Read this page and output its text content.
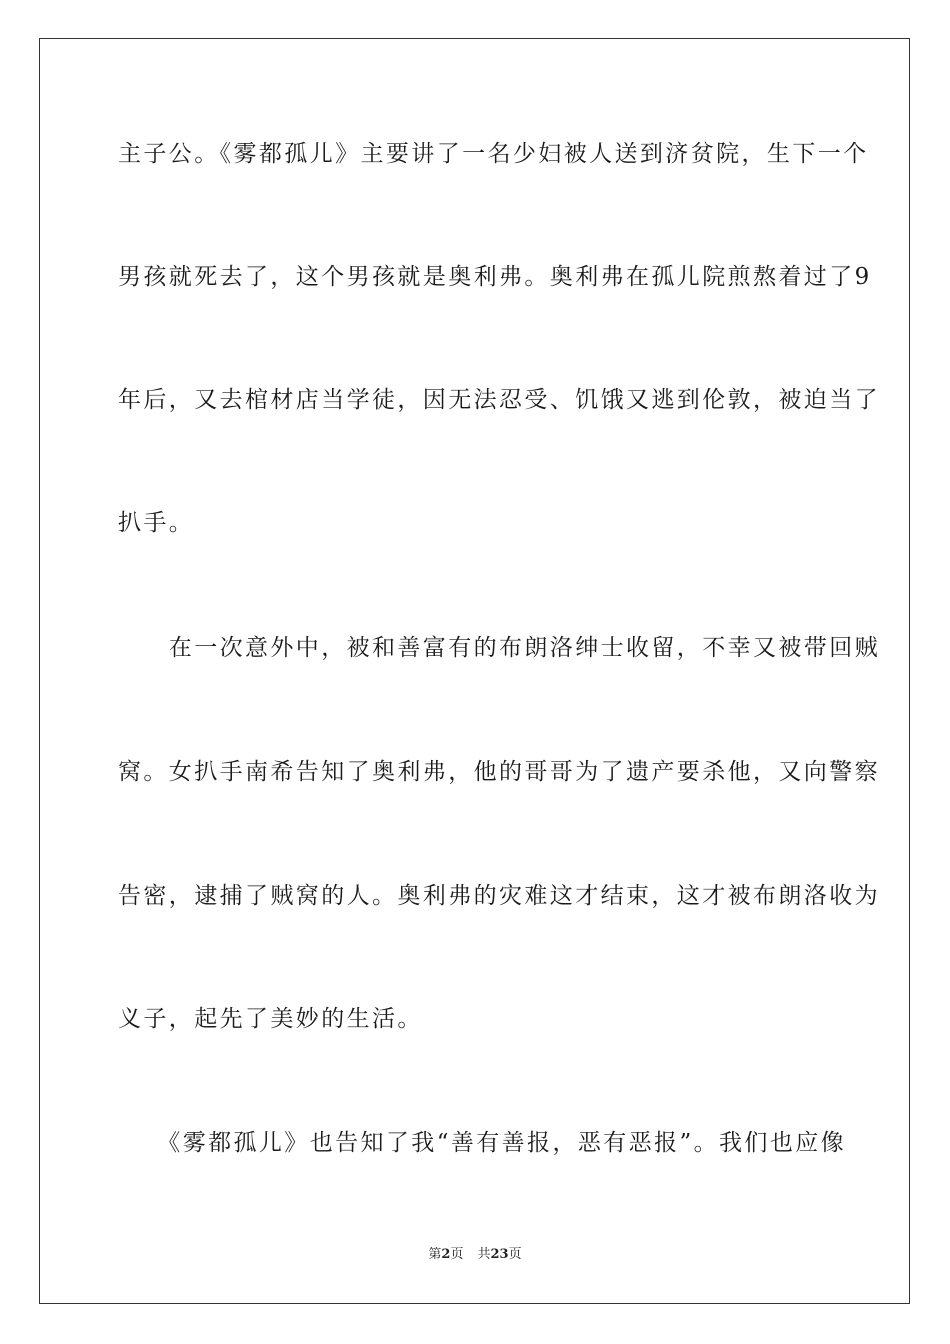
主子公。《雾都孤儿》主要讲了一名少妇被人送到济贫院，生下一个
男孩就死去了，这个男孩就是奥利弗。奥利弗在孤儿院煎熬着过了9
年后，又去棺材店当学徒，因无法忍受、饥饿又逃到伦敦，被迫当了
扒手。
　　在一次意外中，被和善富有的布朗洛绅士收留，不幸又被带回贼
窝。女扒手南希告知了奥利弗，他的哥哥为了遗产要杀他，又向警察
告密，逮捕了贼窝的人。奥利弗的灾难这才结束，这才被布朗洛收为
义子，起先了美妙的生活。
　　《雾都孤儿》也告知了我“善有善报，恶有恶报”。我们也应像
第2页 共23页
